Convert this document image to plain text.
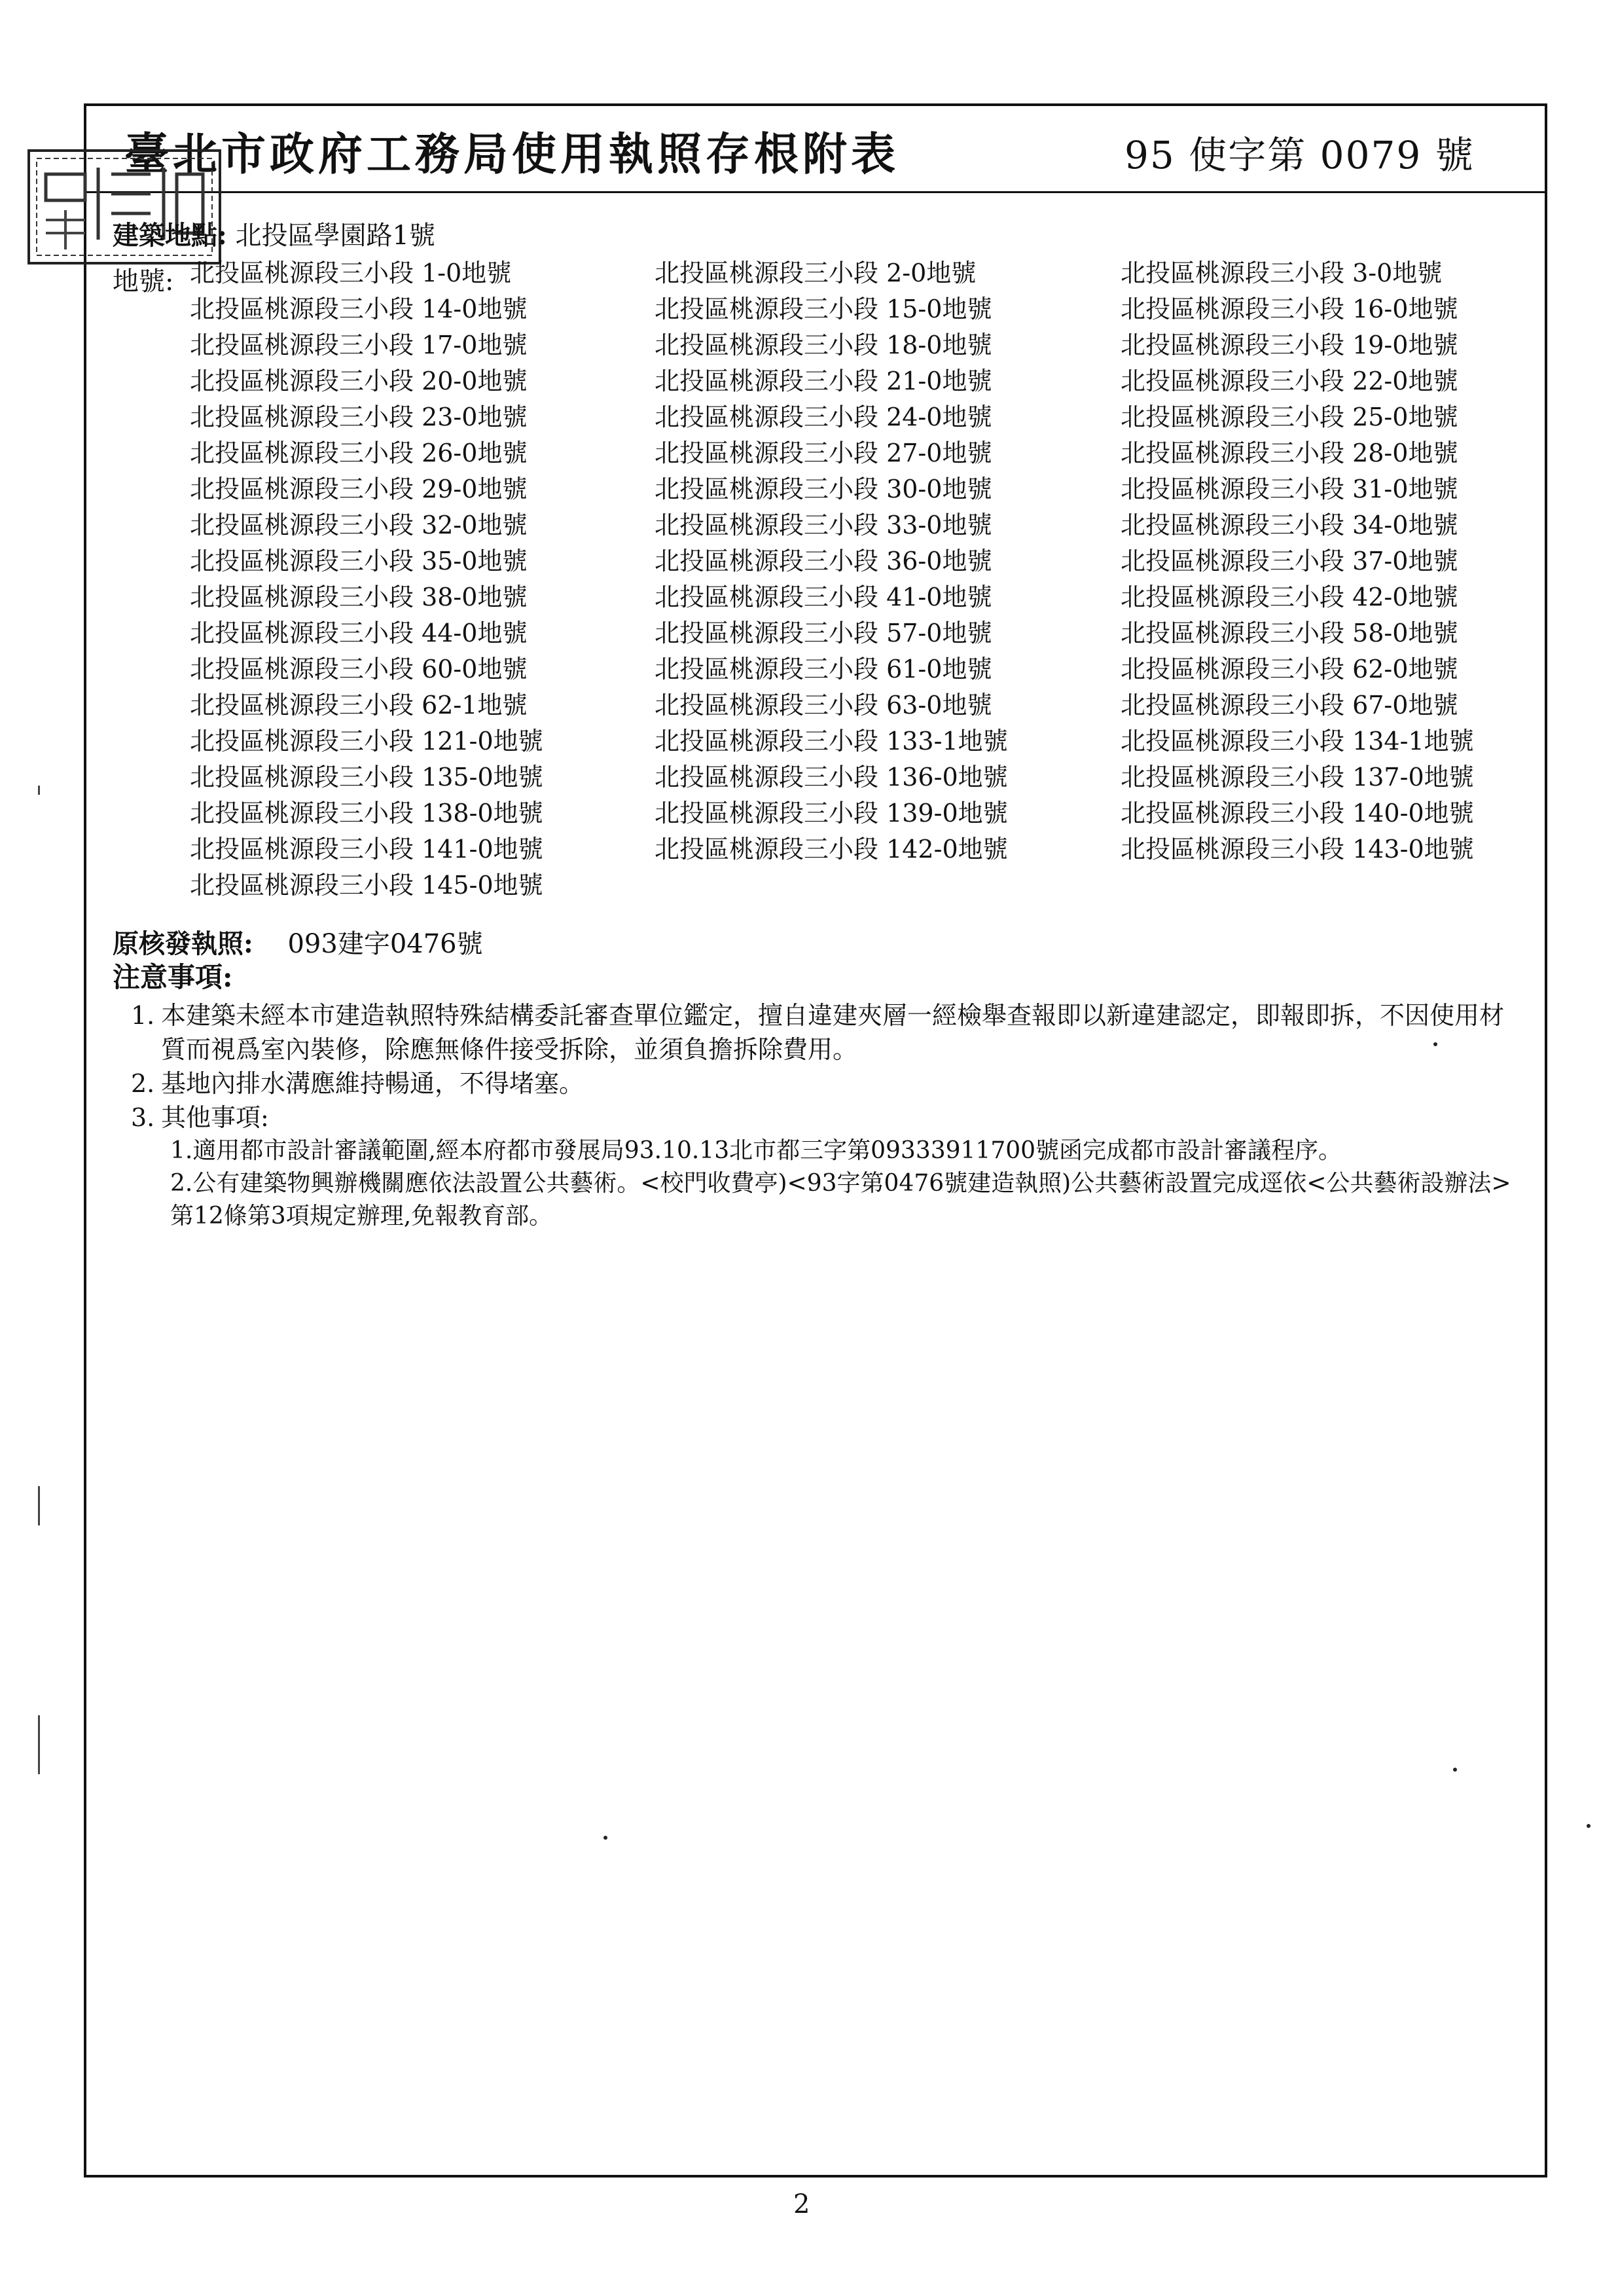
臺北市政府工務局使用執照存根附表	95 使字第 0079 號
建築地點: 北投區學園路1號
地號: 北投區桃源段三小段 1-0地號	北投區桃源段三小段 2-0地號	北投區桃源段三小段 3-0地號
北投區桃源段三小段 14-0地號	北投區桃源段三小段 15-0地號	北投區桃源段三小段 16-0地號
北投區桃源段三小段 17-0地號	北投區桃源段三小段 18-0地號	北投區桃源段三小段 19-0地號
北投區桃源段三小段 20-0地號	北投區桃源段三小段 21-0地號	北投區桃源段三小段 22-0地號
北投區桃源段三小段 23-0地號	北投區桃源段三小段 24-0地號	北投區桃源段三小段 25-0地號
北投區桃源段三小段 26-0地號	北投區桃源段三小段 27-0地號	北投區桃源段三小段 28-0地號
北投區桃源段三小段 29-0地號	北投區桃源段三小段 30-0地號	北投區桃源段三小段 31-0地號
北投區桃源段三小段 32-0地號	北投區桃源段三小段 33-0地號	北投區桃源段三小段 34-0地號
北投區桃源段三小段 35-0地號	北投區桃源段三小段 36-0地號	北投區桃源段三小段 37-0地號
北投區桃源段三小段 38-0地號	北投區桃源段三小段 41-0地號	北投區桃源段三小段 42-0地號
北投區桃源段三小段 44-0地號	北投區桃源段三小段 57-0地號	北投區桃源段三小段 58-0地號
北投區桃源段三小段 60-0地號	北投區桃源段三小段 61-0地號	北投區桃源段三小段 62-0地號
北投區桃源段三小段 62-1地號	北投區桃源段三小段 63-0地號	北投區桃源段三小段 67-0地號
北投區桃源段三小段 121-0地號	北投區桃源段三小段 133-1地號	北投區桃源段三小段 134-1地號
北投區桃源段三小段 135-0地號	北投區桃源段三小段 136-0地號	北投區桃源段三小段 137-0地號
北投區桃源段三小段 138-0地號	北投區桃源段三小段 139-0地號	北投區桃源段三小段 140-0地號
北投區桃源段三小段 141-0地號	北投區桃源段三小段 142-0地號	北投區桃源段三小段 143-0地號
北投區桃源段三小段 145-0地號
原核發執照: 093建字0476號
注意事項:
1. 本建築未經本市建造執照特殊結構委託審查單位鑑定，擅自違建夾層一經檢舉查報即以新違建認定，即報即拆，不因使用材質而視爲室內裝修，除應無條件接受拆除，並須負擔拆除費用。
2. 基地內排水溝應維持暢通，不得堵塞。
3. 其他事項:
1.適用都市設計審議範圍,經本府都市發展局93.10.13北市都三字第09333911700號函完成都市設計審議程序。
2.公有建築物興辦機關應依法設置公共藝術。<校門收費亭)<93字第0476號建造執照)公共藝術設置完成逕依<公共藝術設辦法>第12條第3項規定辦理,免報教育部。
2
